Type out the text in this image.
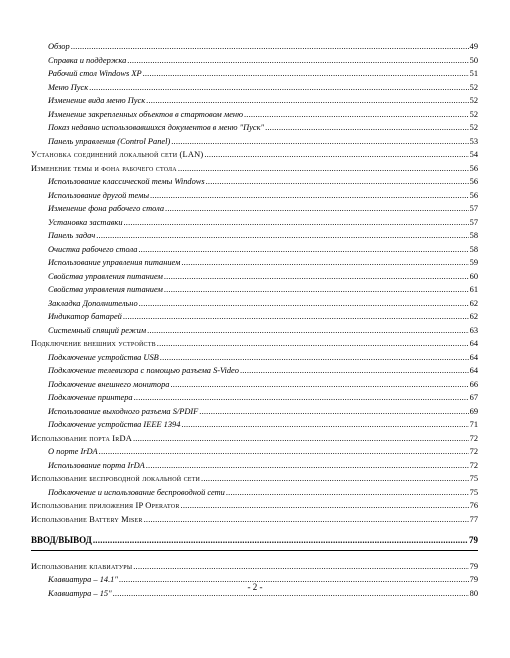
Обзор .....	49
Справка и поддержка .....	50
Рабочий стол Windows XP .....	51
Меню Пуск .....	52
Изменение вида меню Пуск .....	52
Изменение закрепленных объектов в стартовом меню .....	52
Показ недавно использовавшихся документов в меню "Пуск" .....	52
Панель управления (Control Panel) .....	53
Установка соединений локальной сети (LAN) .....	54
Изменение темы и фона рабочего стола .....	56
Использование классической темы Windows .....	56
Использование другой темы .....	56
Изменение фона рабочего стола .....	57
Установка заставки .....	57
Панель задач .....	58
Очистка рабочего стола .....	58
Использование управления питанием .....	59
Свойства управления питанием .....	60
Свойства управления питанием .....	61
Закладка Дополнительно .....	62
Индикатор батарей .....	62
Системный спящий режим .....	63
Подключение внешних устройств .....	64
Подключение устройства USB .....	64
Подключение телевизора с помощью разъема S-Video .....	64
Подключение внешнего монитора .....	66
Подключение принтера .....	67
Использование выходного разъема S/PDIF .....	69
Подключение устройства IEEE 1394 .....	71
Использование порта IrDA .....	72
О порте IrDA .....	72
Использование порта IrDA .....	72
Использование беспроводной локальной сети .....	75
Подключение и использование беспроводной сети .....	75
Использование приложения IP Operator .....	76
Использование Battery Miser .....	77
ВВОД/ВЫВОД .....	79
Использование клавиатуры .....	79
Клавиатура – 14.1" .....	79
Клавиатура – 15" .....	80
- 2 -
